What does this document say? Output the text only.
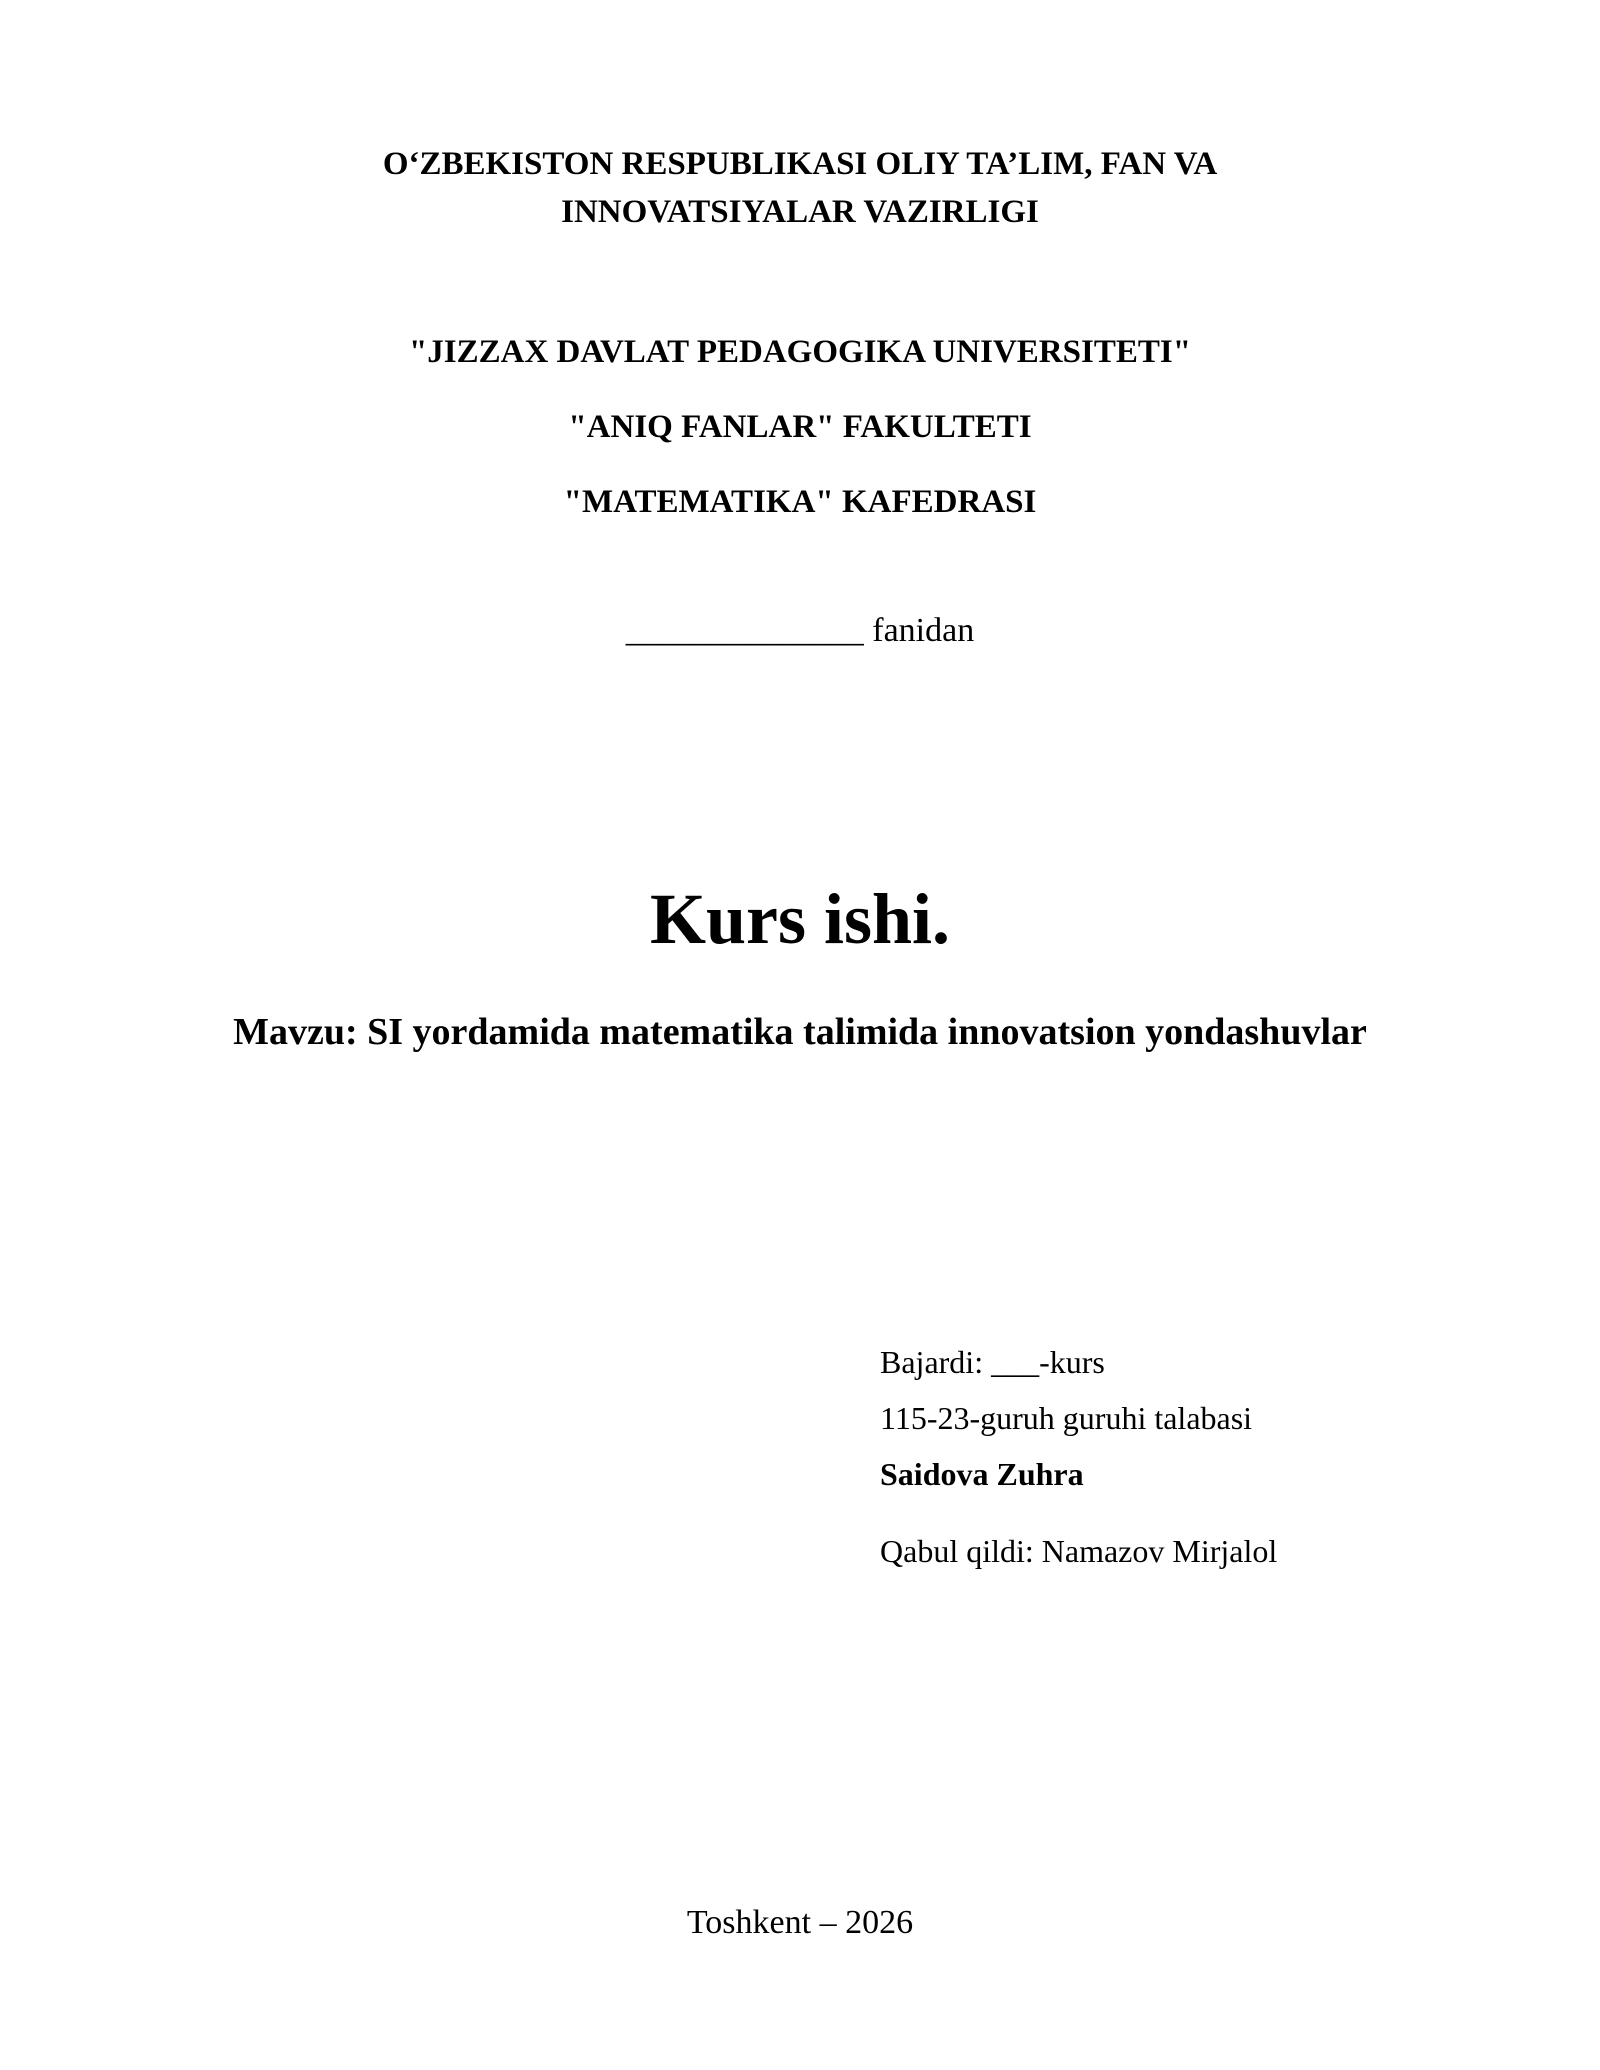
O‘ZBEKISTON RESPUBLIKASI OLIY TA’LIM, FAN VA
INNOVATSIYALAR VAZIRLIGI
"JIZZAX DAVLAT PEDAGOGIKA UNIVERSITETI"
"ANIQ FANLAR" FAKULTETI
"MATEMATIKA" KAFEDRASI
______________ fanidan
Kurs ishi.
Mavzu: SI yordamida matematika talimida innovatsion yondashuvlar
Bajardi: ___-kurs
115-23-guruh guruhi talabasi
Saidova Zuhra
Qabul qildi: Namazov Mirjalol
Toshkent – 2026
